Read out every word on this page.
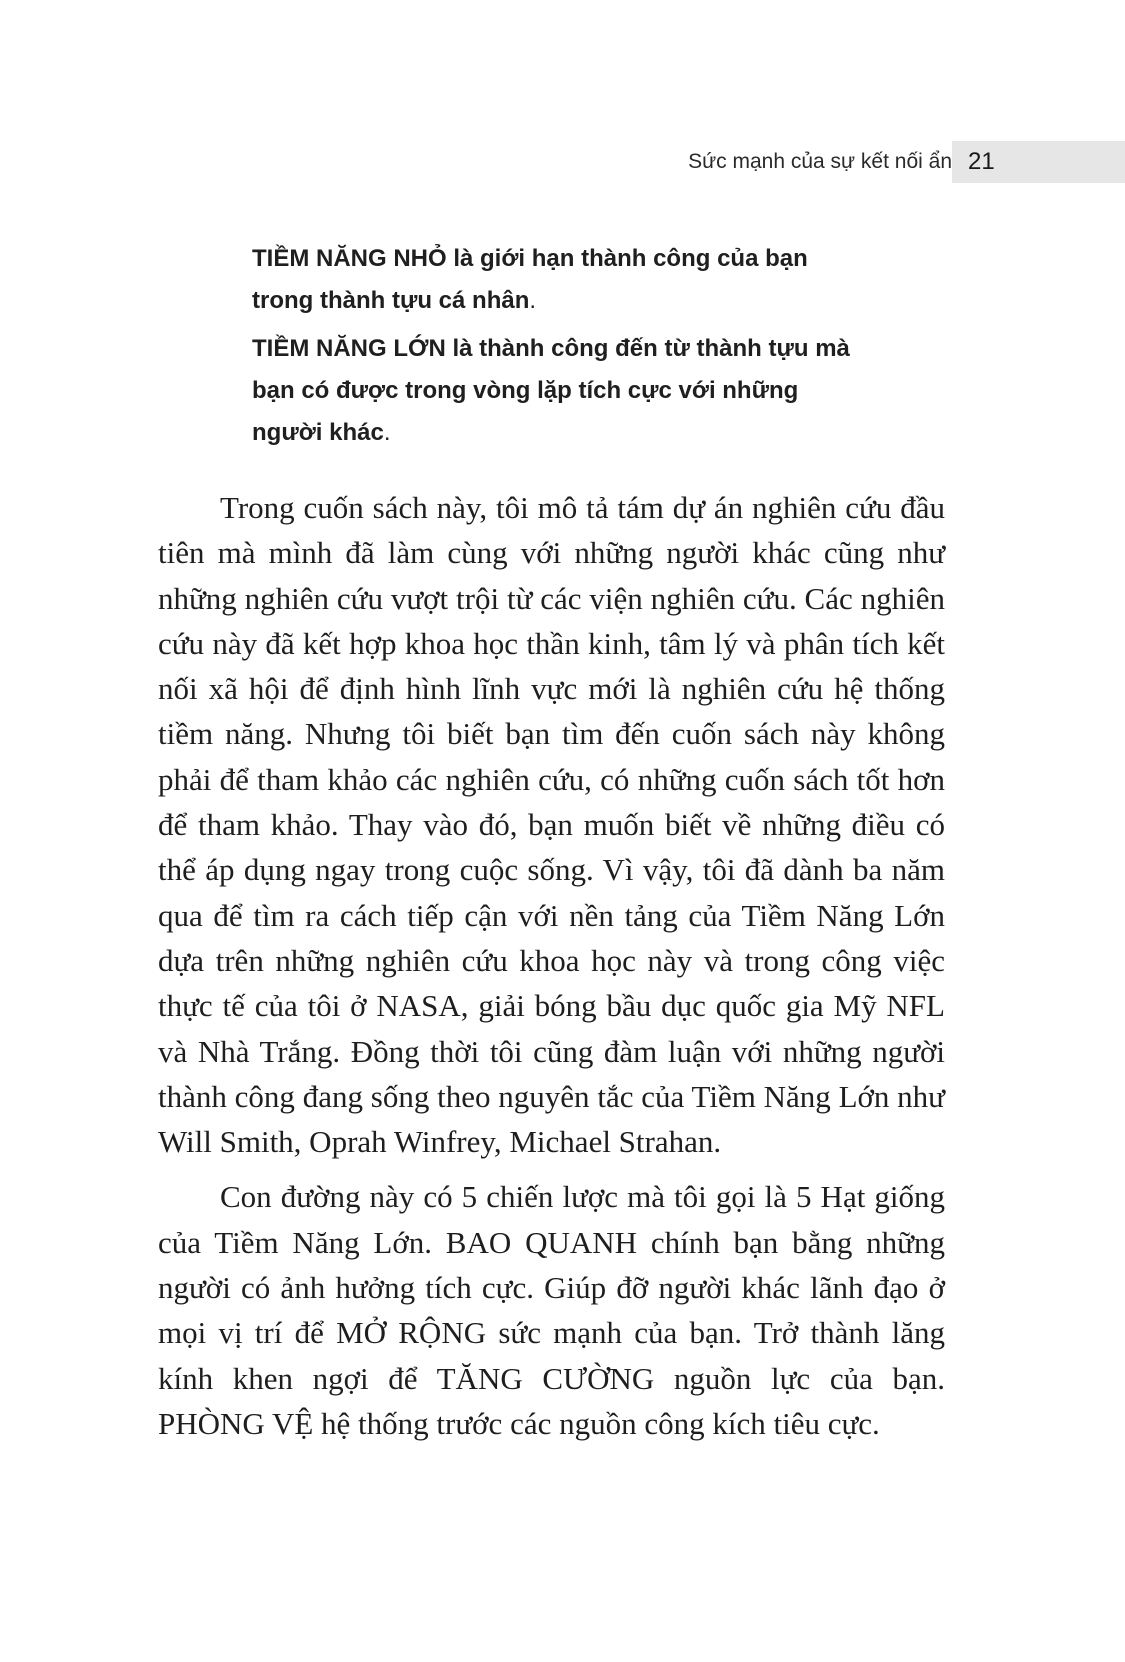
Sức mạnh của sự kết nối ẩn 21

TIỀM NĂNG NHỎ là giới hạn thành công của bạn trong thành tựu cá nhân.

TIỀM NĂNG LỚN là thành công đến từ thành tựu mà bạn có được trong vòng lặp tích cực với những người khác.

Trong cuốn sách này, tôi mô tả tám dự án nghiên cứu đầu tiên mà mình đã làm cùng với những người khác cũng như những nghiên cứu vượt trội từ các viện nghiên cứu. Các nghiên cứu này đã kết hợp khoa học thần kinh, tâm lý và phân tích kết nối xã hội để định hình lĩnh vực mới là nghiên cứu hệ thống tiềm năng. Nhưng tôi biết bạn tìm đến cuốn sách này không phải để tham khảo các nghiên cứu, có những cuốn sách tốt hơn để tham khảo. Thay vào đó, bạn muốn biết về những điều có thể áp dụng ngay trong cuộc sống. Vì vậy, tôi đã dành ba năm qua để tìm ra cách tiếp cận với nền tảng của Tiềm Năng Lớn dựa trên những nghiên cứu khoa học này và trong công việc thực tế của tôi ở NASA, giải bóng bầu dục quốc gia Mỹ NFL và Nhà Trắng. Đồng thời tôi cũng đàm luận với những người thành công đang sống theo nguyên tắc của Tiềm Năng Lớn như Will Smith, Oprah Winfrey, Michael Strahan.

Con đường này có 5 chiến lược mà tôi gọi là 5 Hạt giống của Tiềm Năng Lớn. BAO QUANH chính bạn bằng những người có ảnh hưởng tích cực. Giúp đỡ người khác lãnh đạo ở mọi vị trí để MỞ RỘNG sức mạnh của bạn. Trở thành lăng kính khen ngợi để TĂNG CƯỜNG nguồn lực của bạn. PHÒNG VỆ hệ thống trước các nguồn công kích tiêu cực.
